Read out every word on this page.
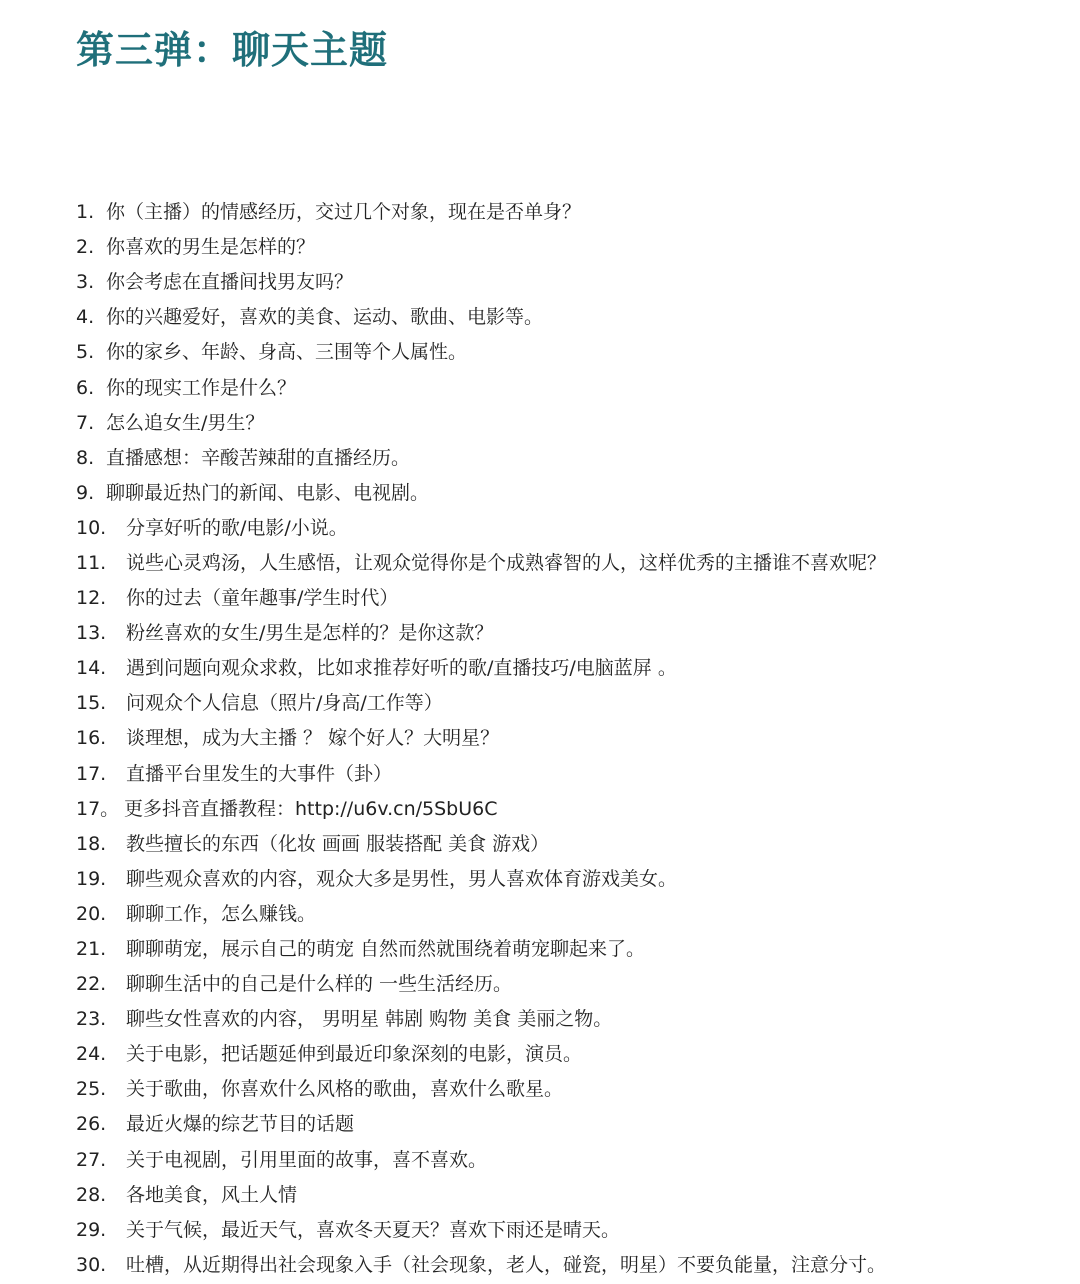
第三弹：聊天主题
1. 你（主播）的情感经历，交过几个对象，现在是否单身？
2. 你喜欢的男生是怎样的？
3. 你会考虑在直播间找男友吗？
4. 你的兴趣爱好，喜欢的美食、运动、歌曲、电影等。
5. 你的家乡、年龄、身高、三围等个人属性。
6. 你的现实工作是什么？
7. 怎么追女生/男生？
8. 直播感想：辛酸苦辣甜的直播经历。
9. 聊聊最近热门的新闻、电影、电视剧。
10.	分享好听的歌/电影/小说。
11.	说些心灵鸡汤，人生感悟，让观众觉得你是个成熟睿智的人，这样优秀的主播谁不喜欢呢？
12.	你的过去（童年趣事/学生时代）
13.	粉丝喜欢的女生/男生是怎样的？是你这款？
14.	遇到问题向观众求救，比如求推荐好听的歌/直播技巧/电脑蓝屏 。
15.	问观众个人信息（照片/身高/工作等）
16.	谈理想，成为大主播 ？ 嫁个好人？大明星？
17.	直播平台里发生的大事件（卦）
17。 更多抖音直播教程：http://u6v.cn/5SbU6C
18.	教些擅长的东西（化妆 画画 服装搭配 美食 游戏）
19.	聊些观众喜欢的内容，观众大多是男性，男人喜欢体育游戏美女。
20.	聊聊工作，怎么赚钱。
21.	聊聊萌宠，展示自己的萌宠 自然而然就围绕着萌宠聊起来了。
22.	聊聊生活中的自己是什么样的 一些生活经历。
23.	聊些女性喜欢的内容， 男明星 韩剧 购物 美食 美丽之物。
24.	关于电影，把话题延伸到最近印象深刻的电影，演员。
25.	关于歌曲，你喜欢什么风格的歌曲，喜欢什么歌星。
26.	最近火爆的综艺节目的话题
27.	关于电视剧，引用里面的故事，喜不喜欢。
28.	各地美食，风土人情
29.	关于气候，最近天气，喜欢冬天夏天？喜欢下雨还是晴天。
30.	吐槽，从近期得出社会现象入手（社会现象，老人，碰瓷，明星）不要负能量，注意分寸。
